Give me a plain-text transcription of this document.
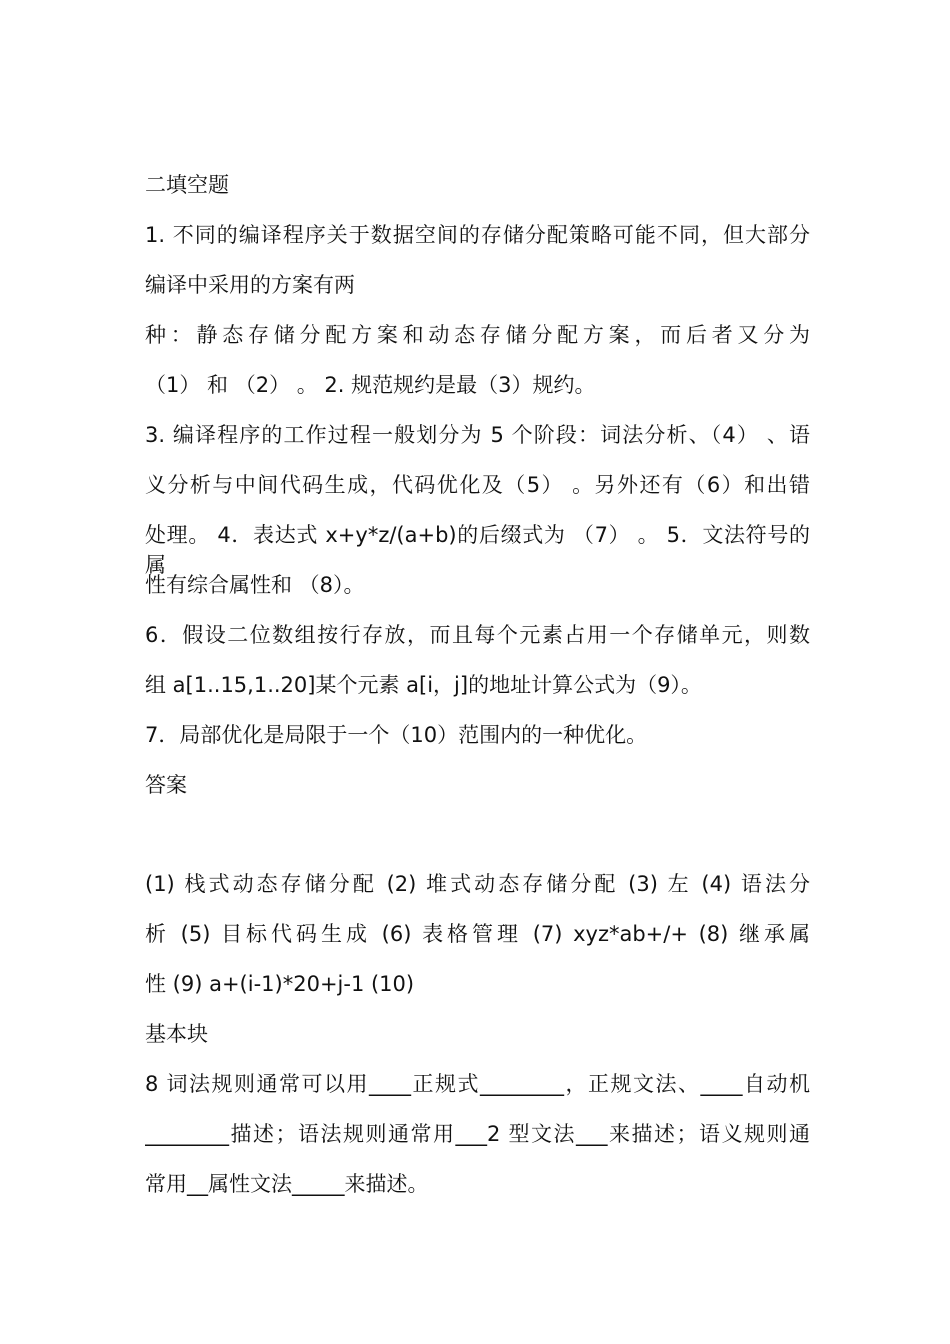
二填空题
1. 不同的编译程序关于数据空间的存储分配策略可能不同，但大部分
编译中采用的方案有两
种：静态存储分配方案和动态存储分配方案，而后者又分为
（1） 和 （2） 。 2. 规范规约是最（3）规约。
3. 编译程序的工作过程一般划分为 5 个阶段：词法分析、（4） 、语
义分析与中间代码生成，代码优化及（5） 。另外还有（6）和出错
处理。 4．表达式 x+y*z/(a+b)的后缀式为 （7） 。 5．文法符号的属
性有综合属性和 （8）。
6．假设二位数组按行存放，而且每个元素占用一个存储单元，则数
组 a[1..15,1..20]某个元素 a[i，j]的地址计算公式为（9）。
7．局部优化是局限于一个（10）范围内的一种优化。
答案
(1) 栈式动态存储分配 (2) 堆式动态存储分配 (3) 左 (4) 语法分
析 (5) 目标代码生成 (6) 表格管理 (7) xyz*ab+/+ (8) 继承属
性 (9) a+(i-1)*20+j-1 (10)
基本块
8 词法规则通常可以用____正规式________，正规文法、____自动机
________描述；语法规则通常用___2 型文法___来描述；语义规则通
常用__属性文法_____来描述。
